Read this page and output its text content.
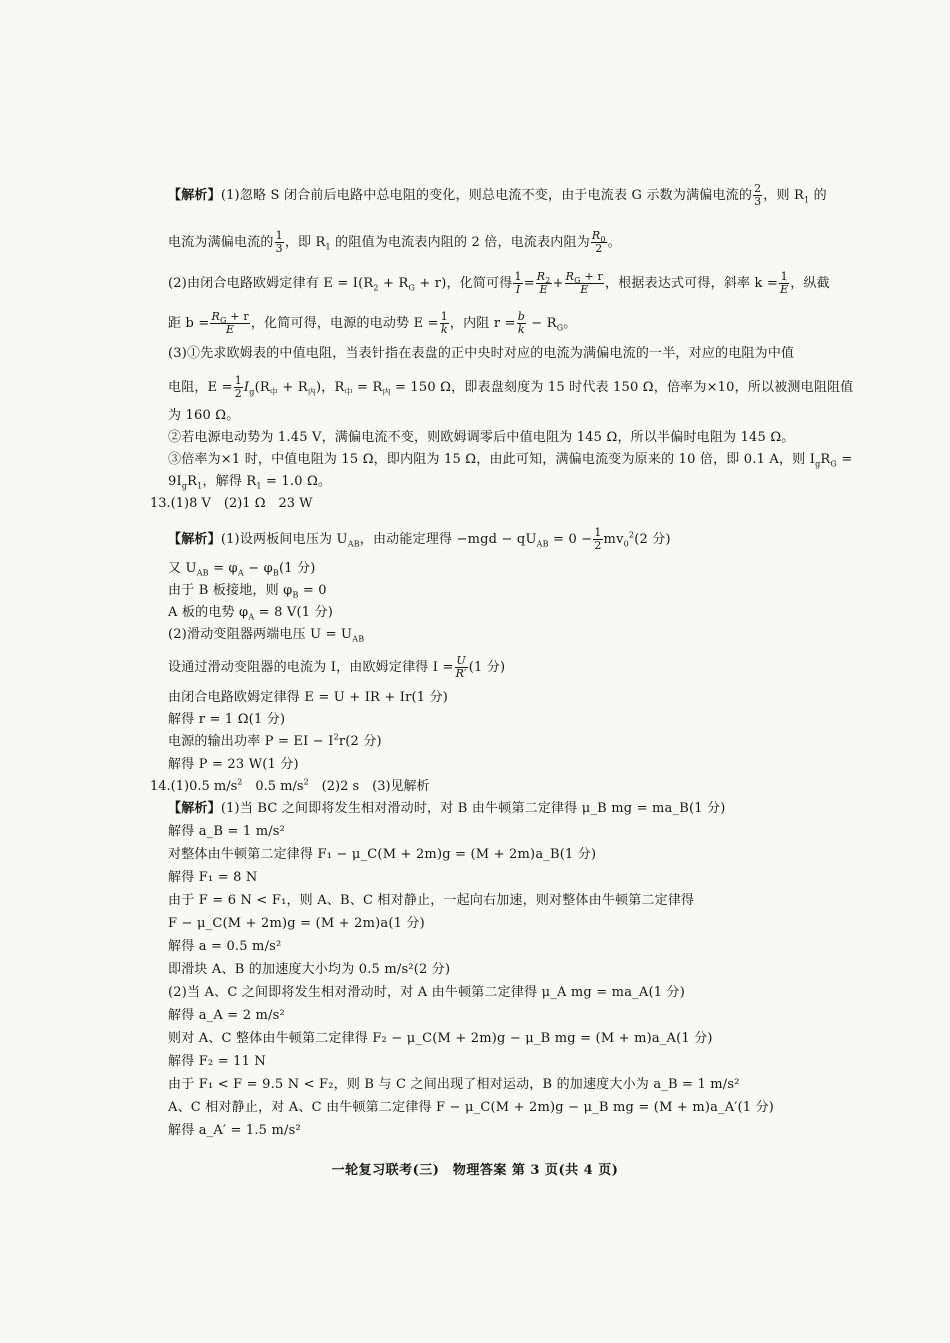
【解析】(1)忽略 S 闭合前后电路中总电阻的变化，则总电流不变，由于电流表 G 示数为满偏电流的 $\frac{2}{3}$ ，则 $R_1$ 的
电流为满偏电流的 $\frac{1}{3}$ ，即 $R_1$ 的阻值为电流表内阻的 2 倍，电流表内阻为 $\frac{R_0}{2}$ 。
(2)由闭合电路欧姆定律有 $E = I(R_2 + R_G + r)$，化简可得 $\frac{1}{I} = \frac{R_2}{E} + \frac{R_G + r}{E}$ ，根据表达式可得，斜率 $k = \frac{1}{E}$ ，纵截
距 $b = \frac{R_G + r}{E}$ ，化简可得，电源的电动势 $E = \frac{1}{k}$ ，内阻 $r = \frac{b}{k} - R_G$。
(3)①先求欧姆表的中值电阻，当表针指在表盘的正中央时对应的电流为满偏电流的一半，对应的电阻为中值
电阻，$E = \frac{1}{2} I_g(R_中 + R_内)$，$R_中 = R_内 = 150$ Ω，即表盘刻度为 15 时代表 150 Ω，倍率为×10，所以被测电阻阻值
为 160 Ω。
②若电源电动势为 1.45 V，满偏电流不变，则欧姆调零后中值电阻为 145 Ω，所以半偏时电阻为 145 Ω。
③倍率为×1 时，中值电阻为 15 Ω，即内阻为 15 Ω，由此可知，满偏电流变为原来的 10 倍，即 0.1 A，则 $I_gR_G$ =
$9I_gR_1$，解得 $R_1 = 1.0$ Ω。
13.(1)8 V　(2)1 Ω　23 W
【解析】(1)设两板间电压为 $U_{AB}$，由动能定理得 $-mgd - qU_{AB} = 0 - \frac{1}{2} mv_0^2(2$ 分)
又 $U_{AB} = \varphi_A - \varphi_B(1$ 分)
由于 B 板接地，则 $\varphi_B = 0$
A 板的电势 $\varphi_A = 8$ V(1 分)
(2)滑动变阻器两端电压 $U = U_{AB}$
设通过滑动变阻器的电流为 I，由欧姆定律得 $I = \frac{U}{R'} (1$ 分)
由闭合电路欧姆定律得 E = U + IR + Ir(1 分)
解得 r = 1 Ω(1 分)
电源的输出功率 P = EI − $I^2r(2$ 分)
解得 P = 23 W(1 分)
14.(1)0.5 $m/s^2$　0.5 $m/s^2$　(2)2 s　(3)见解析
【解析】(1)当 BC 之间即将发生相对滑动时，对 B 由牛顿第二定律得 μ_B mg = ma_B(1 分)
解得 a_B = 1 m/s²
对整体由牛顿第二定律得 F₁ − μ_C(M + 2m)g = (M + 2m)a_B(1 分)
解得 F₁ = 8 N
由于 F = 6 N < F₁，则 A、B、C 相对静止，一起向右加速，则对整体由牛顿第二定律得
F − μ_C(M + 2m)g = (M + 2m)a(1 分)
解得 a = 0.5 m/s²
即滑块 A、B 的加速度大小均为 0.5 m/s²(2 分)
(2)当 A、C 之间即将发生相对滑动时，对 A 由牛顿第二定律得 μ_A mg = ma_A(1 分)
解得 a_A = 2 m/s²
则对 A、C 整体由牛顿第二定律得 F₂ − μ_C(M + 2m)g − μ_B mg = (M + m)a_A(1 分)
解得 F₂ = 11 N
由于 F₁ < F = 9.5 N < F₂，则 B 与 C 之间出现了相对运动，B 的加速度大小为 a_B = 1 m/s²
A、C 相对静止，对 A、C 由牛顿第二定律得 F − μ_C(M + 2m)g − μ_B mg = (M + m)a_A′(1 分)
解得 a_A′ = 1.5 m/s²
一轮复习联考(三)　物理答案 第 3 页(共 4 页)
